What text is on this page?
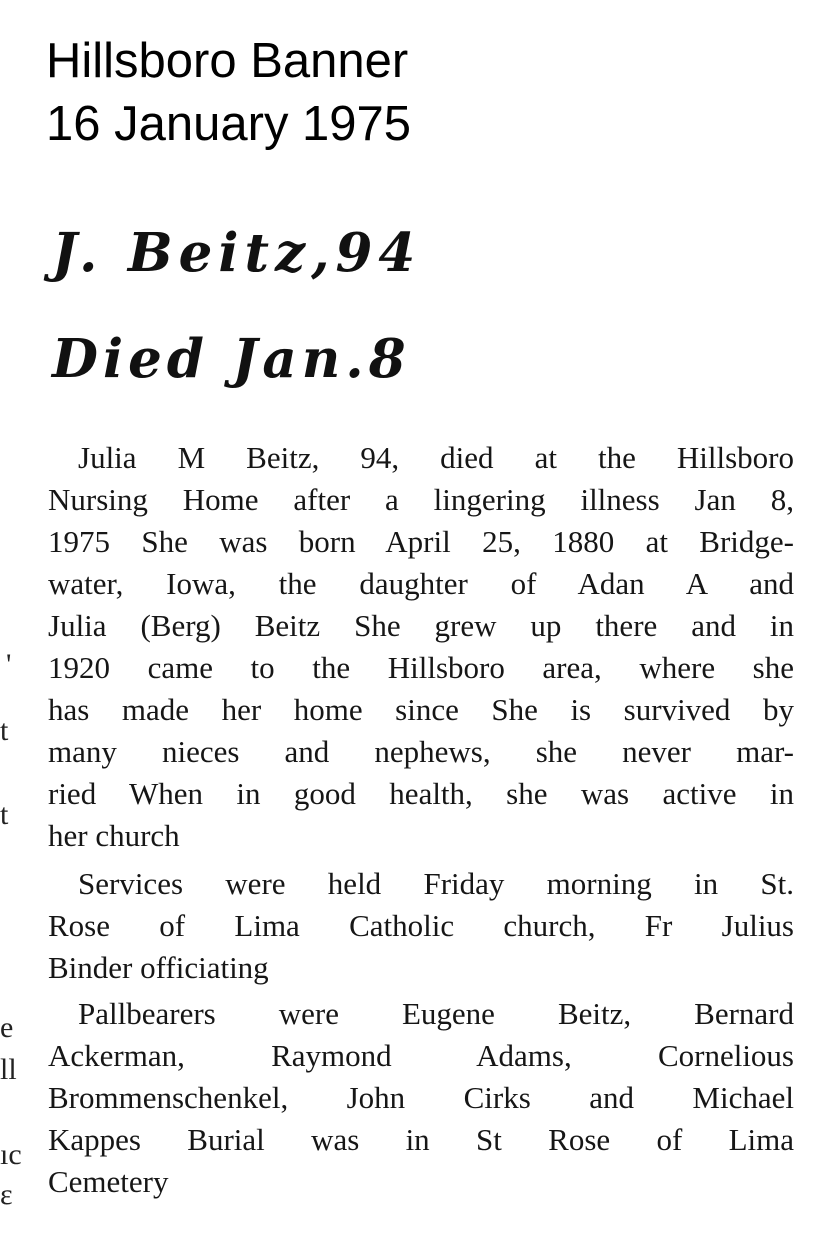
Hillsboro Banner
16 January 1975
J. Beitz,94
Died Jan.8
'
t
t
e
ll
ıc
ε
Julia M Beitz, 94, died at the Hillsboro
Nursing Home after a lingering illness Jan 8,
1975 She was born April 25, 1880 at Bridge-
water, Iowa, the daughter of Adan A and
Julia (Berg) Beitz She grew up there and in
1920 came to the Hillsboro area, where she
has made her home since She is survived by
many nieces and nephews, she never mar-
ried When in good health, she was active in
her church
Services were held Friday morning in St.
Rose of Lima Catholic church, Fr Julius
Binder officiating
Pallbearers were Eugene Beitz, Bernard
Ackerman, Raymond Adams, Cornelious
Brommenschenkel, John Cirks and Michael
Kappes Burial was in St Rose of Lima
Cemetery
